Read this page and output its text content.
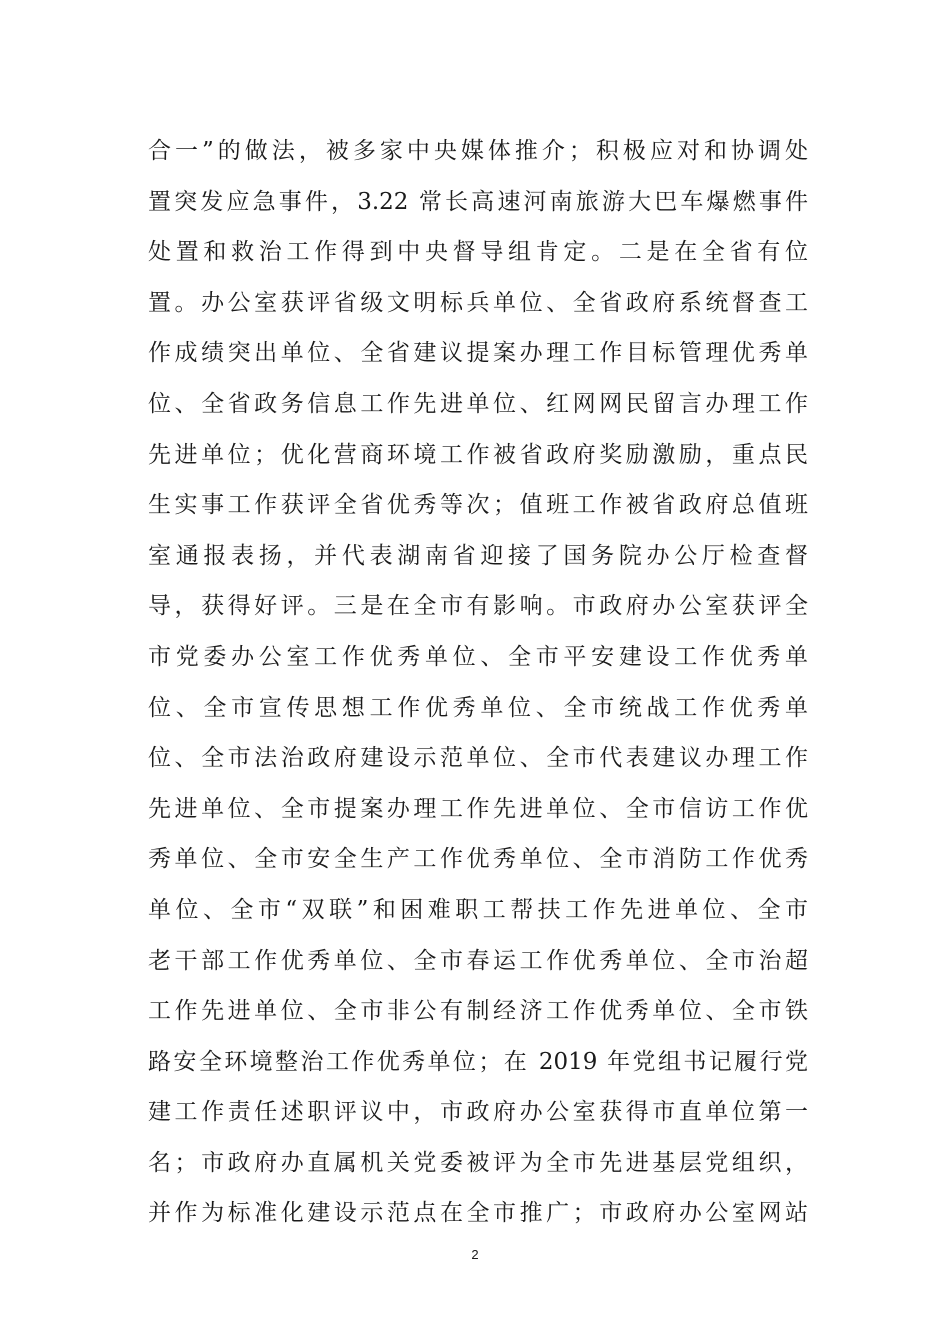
合一”的做法，被多家中央媒体推介；积极应对和协调处
置突发应急事件，3.22 常长高速河南旅游大巴车爆燃事件
处置和救治工作得到中央督导组肯定。二是在全省有位
置。办公室获评省级文明标兵单位、全省政府系统督查工
作成绩突出单位、全省建议提案办理工作目标管理优秀单
位、全省政务信息工作先进单位、红网网民留言办理工作
先进单位；优化营商环境工作被省政府奖励激励，重点民
生实事工作获评全省优秀等次；值班工作被省政府总值班
室通报表扬，并代表湖南省迎接了国务院办公厅检查督
导，获得好评。三是在全市有影响。市政府办公室获评全
市党委办公室工作优秀单位、全市平安建设工作优秀单
位、全市宣传思想工作优秀单位、全市统战工作优秀单
位、全市法治政府建设示范单位、全市代表建议办理工作
先进单位、全市提案办理工作先进单位、全市信访工作优
秀单位、全市安全生产工作优秀单位、全市消防工作优秀
单位、全市“双联”和困难职工帮扶工作先进单位、全市
老干部工作优秀单位、全市春运工作优秀单位、全市治超
工作先进单位、全市非公有制经济工作优秀单位、全市铁
路安全环境整治工作优秀单位；在 2019 年党组书记履行党
建工作责任述职评议中，市政府办公室获得市直单位第一
名；市政府办直属机关党委被评为全市先进基层党组织，
并作为标准化建设示范点在全市推广；市政府办公室网站
2
